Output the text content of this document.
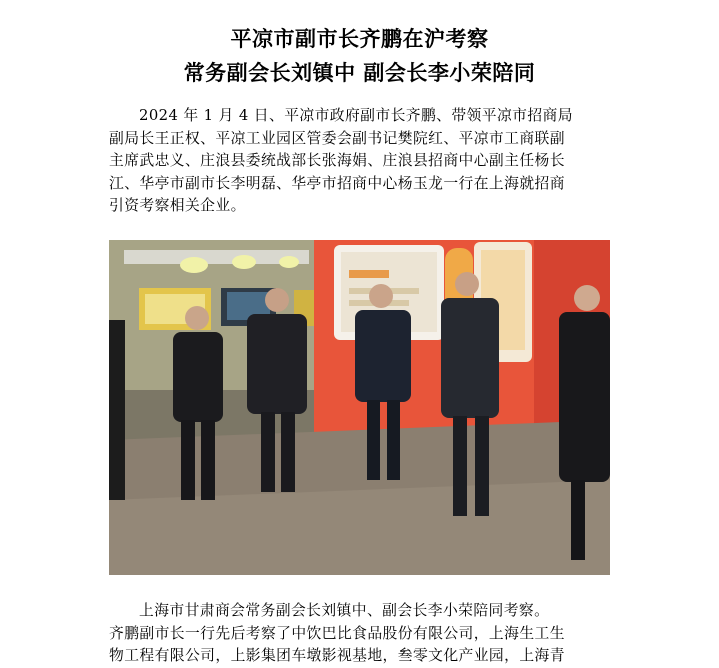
平凉市副市长齐鹏在沪考察
常务副会长刘镇中 副会长李小荣陪同
2024 年 1 月 4 日、平凉市政府副市长齐鹏、带领平凉市招商局
副局长王正权、平凉工业园区管委会副书记樊院红、平凉市工商联副
主席武忠义、庄浪县委统战部长张海娟、庄浪县招商中心副主任杨长
江、华亭市副市长李明磊、华亭市招商中心杨玉龙一行在上海就招商
引资考察相关企业。
上海市甘肃商会常务副会长刘镇中、副会长李小荣陪同考察。
齐鹏副市长一行先后考察了中饮巴比食品股份有限公司，上海生工生
物工程有限公司，上影集团车墩影视基地，叁零文化产业园，上海青
